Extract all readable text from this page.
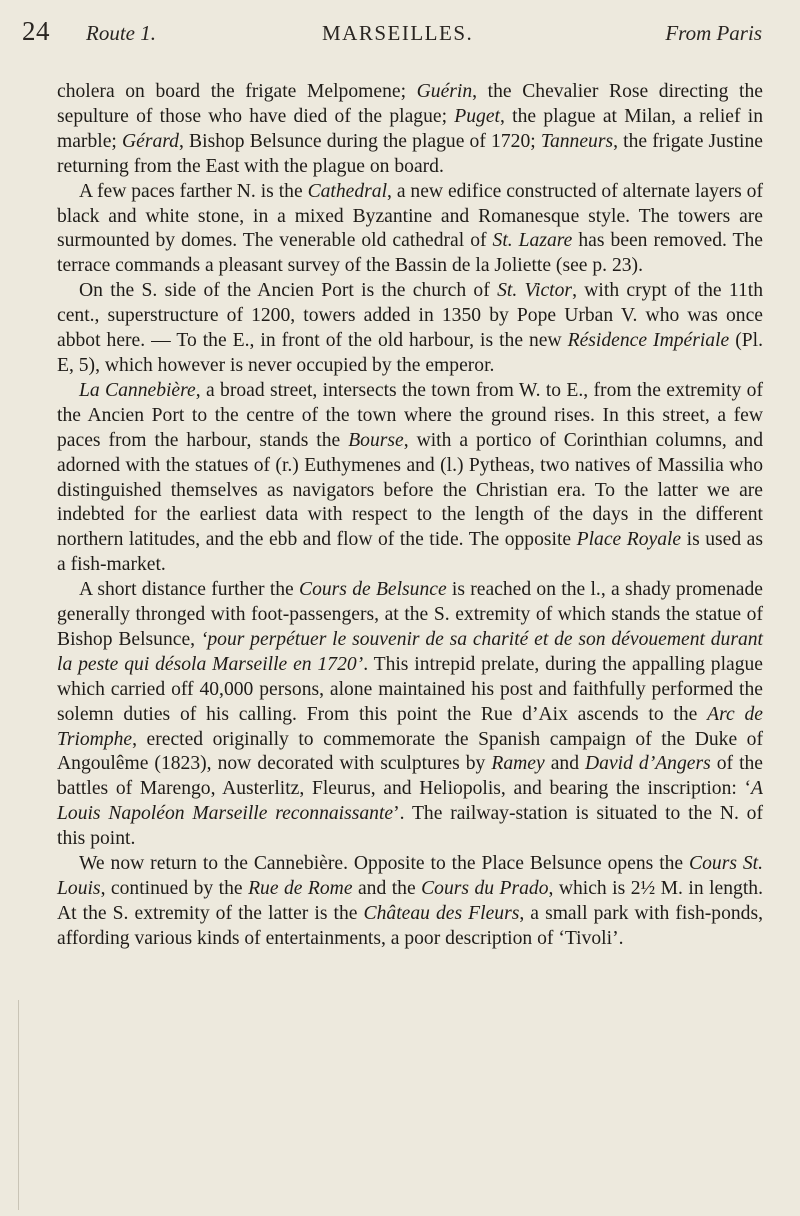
24 Route 1.	MARSEILLES.	From Paris

cholera on board the frigate Melpomene; Guérin, the Chevalier Rose directing the sepulture of those who have died of the plague; Puget, the plague at Milan, a relief in marble; Gérard, Bishop Belsunce during the plague of 1720; Tanneurs, the frigate Justine returning from the East with the plague on board.

A few paces farther N. is the Cathedral, a new edifice constructed of alternate layers of black and white stone, in a mixed Byzantine and Romanesque style. The towers are surmounted by domes. The venerable old cathedral of St. Lazare has been removed. The terrace commands a pleasant survey of the Bassin de la Joliette (see p. 23).

On the S. side of the Ancien Port is the church of St. Victor, with crypt of the 11th cent., superstructure of 1200, towers added in 1350 by Pope Urban V. who was once abbot here. — To the E., in front of the old harbour, is the new Résidence Impériale (Pl. E, 5), which however is never occupied by the emperor.

La Cannebière, a broad street, intersects the town from W. to E., from the extremity of the Ancien Port to the centre of the town where the ground rises. In this street, a few paces from the harbour, stands the Bourse, with a portico of Corinthian columns, and adorned with the statues of (r.) Euthymenes and (l.) Pytheas, two natives of Massilia who distinguished themselves as navigators before the Christian era. To the latter we are indebted for the earliest data with respect to the length of the days in the different northern latitudes, and the ebb and flow of the tide. The opposite Place Royale is used as a fish-market.

A short distance further the Cours de Belsunce is reached on the l., a shady promenade generally thronged with foot-passengers, at the S. extremity of which stands the statue of Bishop Belsunce, ‘pour perpétuer le souvenir de sa charité et de son dévouement durant la peste qui désola Marseille en 1720’. This intrepid prelate, during the appalling plague which carried off 40,000 persons, alone maintained his post and faithfully performed the solemn duties of his calling. From this point the Rue d’Aix ascends to the Arc de Triomphe, erected originally to commemorate the Spanish campaign of the Duke of Angoulême (1823), now decorated with sculptures by Ramey and David d’Angers of the battles of Marengo, Austerlitz, Fleurus, and Heliopolis, and bearing the inscription: ‘A Louis Napoléon Marseille reconnaissante’. The railway-station is situated to the N. of this point.

We now return to the Cannebière. Opposite to the Place Belsunce opens the Cours St. Louis, continued by the Rue de Rome and the Cours du Prado, which is 2½ M. in length. At the S. extremity of the latter is the Château des Fleurs, a small park with fish-ponds, affording various kinds of entertainments, a poor description of ‘Tivoli’.
